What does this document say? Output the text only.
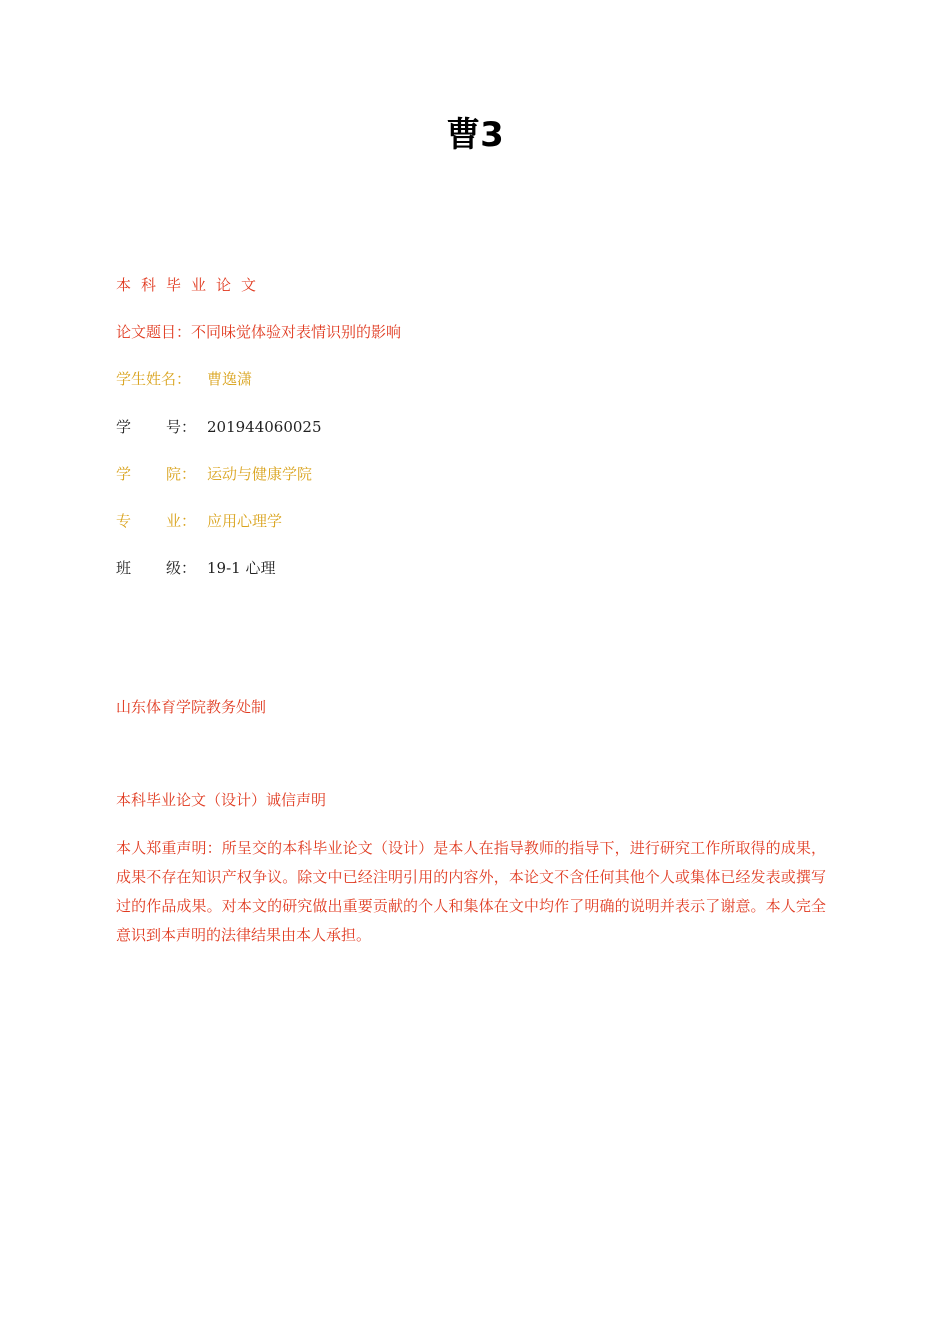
曹3
本科毕业论文
论文题目：不同味觉体验对表情识别的影响
学生姓名： 曹逸潇
学 号： 201944060025
学 院： 运动与健康学院
专 业： 应用心理学
班 级： 19-1 心理
山东体育学院教务处制
本科毕业论文（设计）诚信声明
本人郑重声明：所呈交的本科毕业论文（设计）是本人在指导教师的指导下，进行研究工作所取得的成果，成果不存在知识产权争议。除文中已经注明引用的内容外，本论文不含任何其他个人或集体已经发表或撰写过的作品成果。对本文的研究做出重要贡献的个人和集体在文中均作了明确的说明并表示了谢意。本人完全意识到本声明的法律结果由本人承担。
